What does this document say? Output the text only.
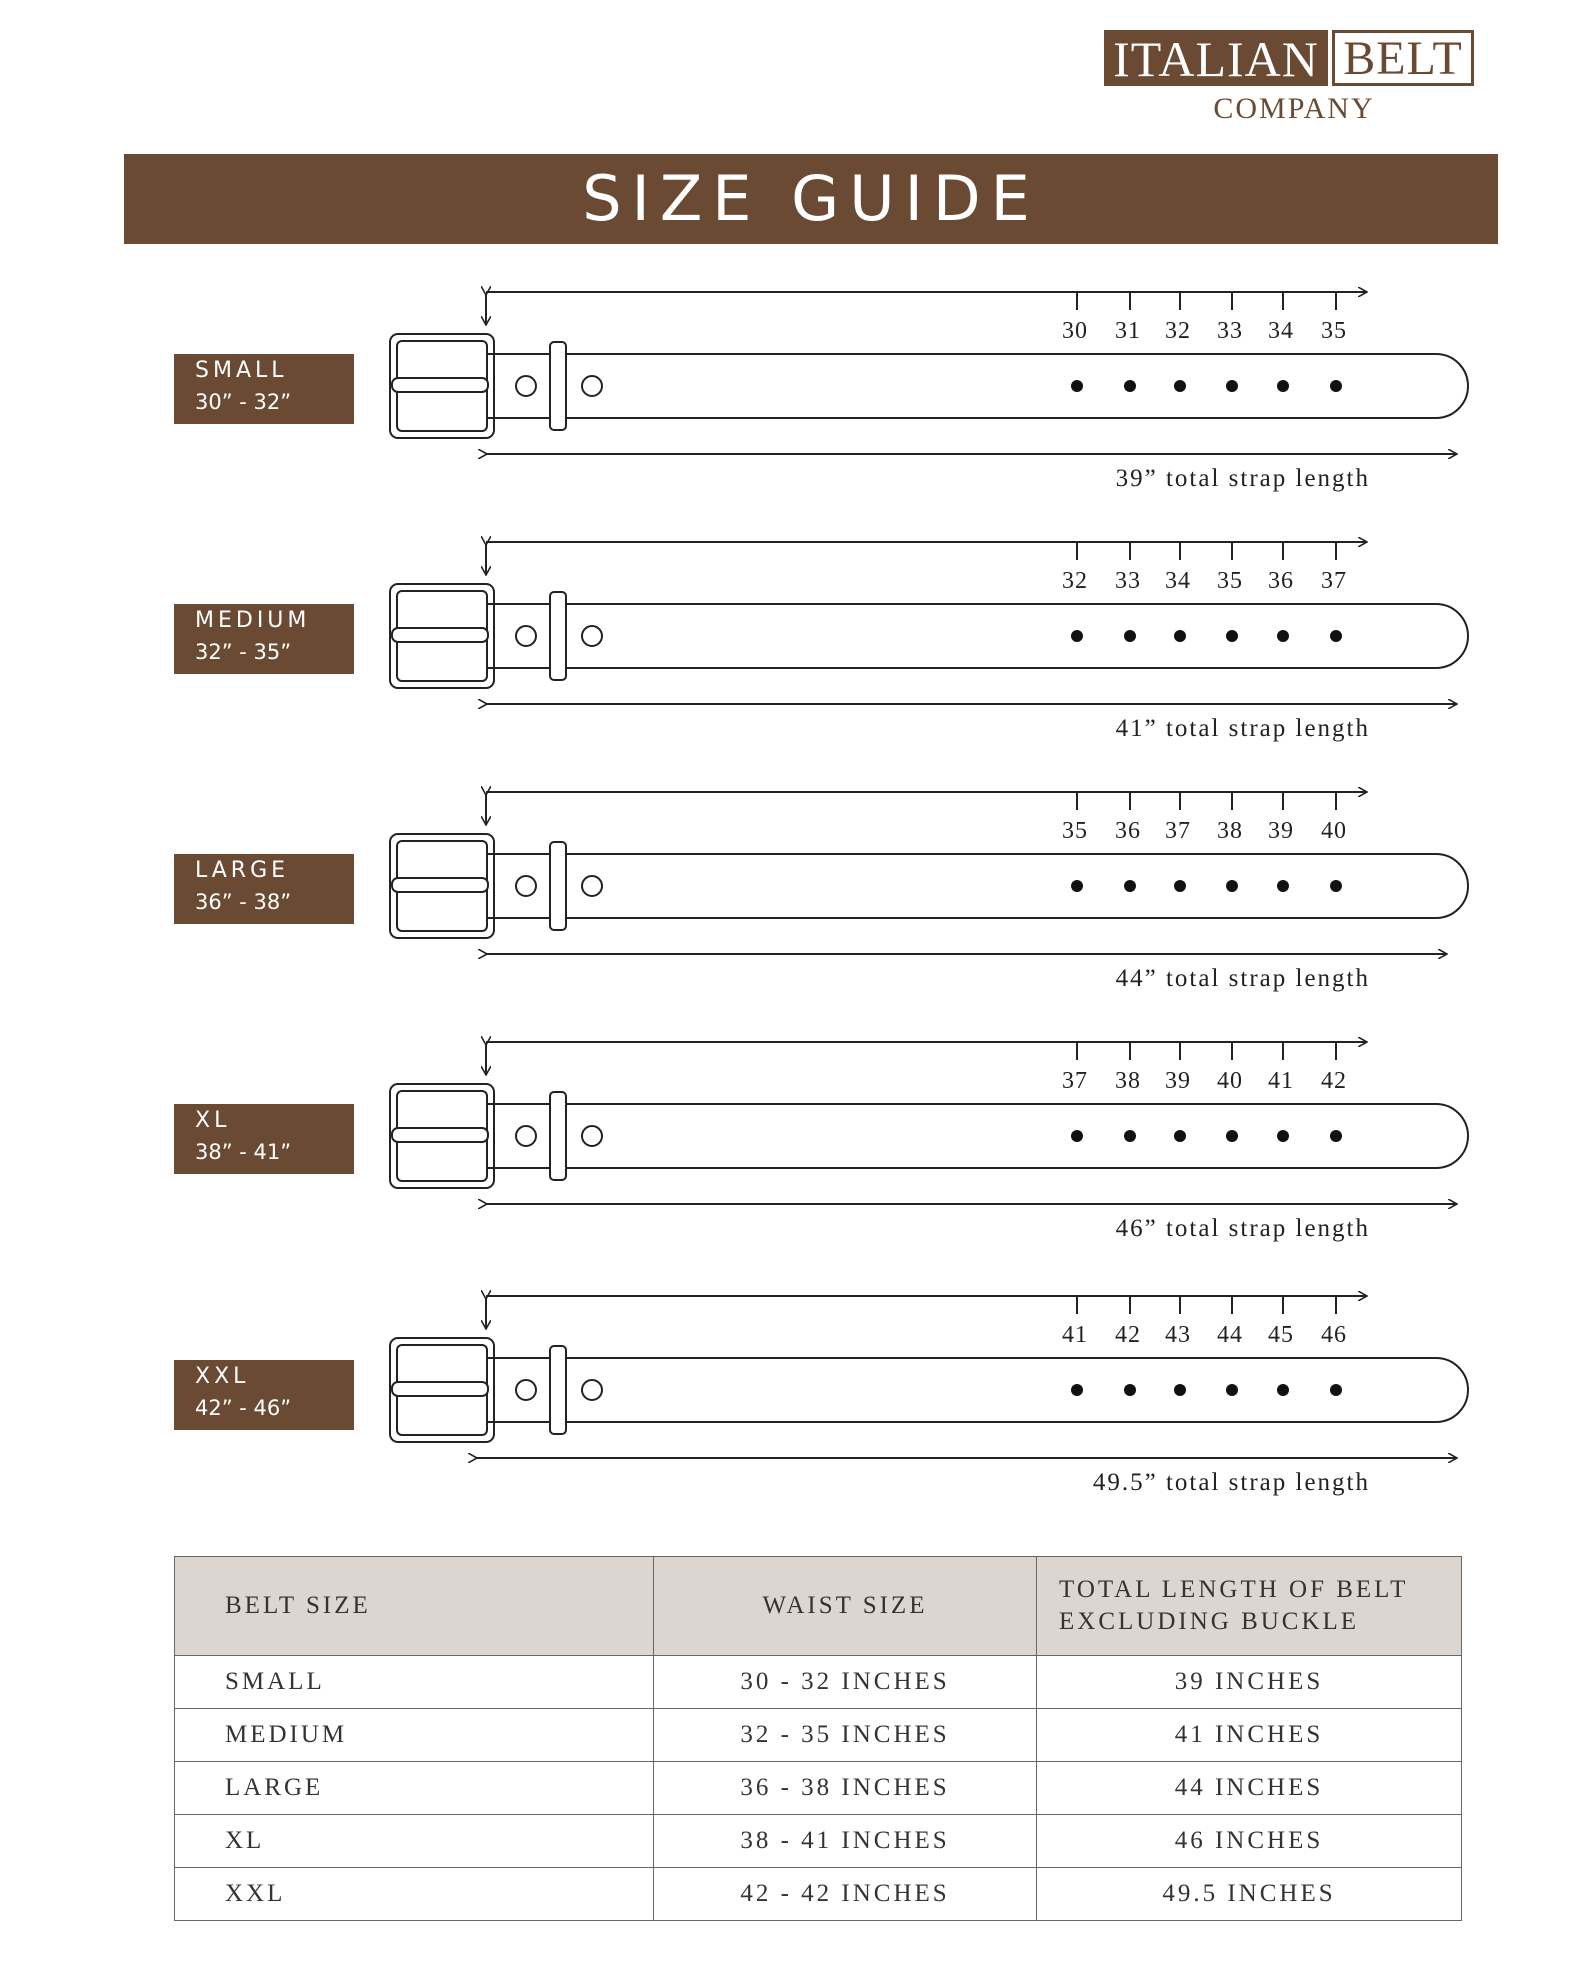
ITALIAN BELT
COMPANY
SIZE GUIDE
SMALL
30” - 32”
MEDIUM
32” - 35”
LARGE
36” - 38”
XL
38” - 41”
XXL
42” - 46”
30 31 32 33 34 35
39” total strap length
32 33 34 35 36 37
41” total strap length
35 36 37 38 39 40
44” total strap length
37 38 39 40 41 42
46” total strap length
41 42 43 44 45 46
49.5” total strap length
BELT SIZE	WAIST SIZE	TOTAL LENGTH OF BELT
EXCLUDING BUCKLE
SMALL	30 - 32 INCHES	39 INCHES
MEDIUM	32 - 35 INCHES	41 INCHES
LARGE	36 - 38 INCHES	44 INCHES
XL	38 - 41 INCHES	46 INCHES
XXL	42 - 42 INCHES	49.5 INCHES
